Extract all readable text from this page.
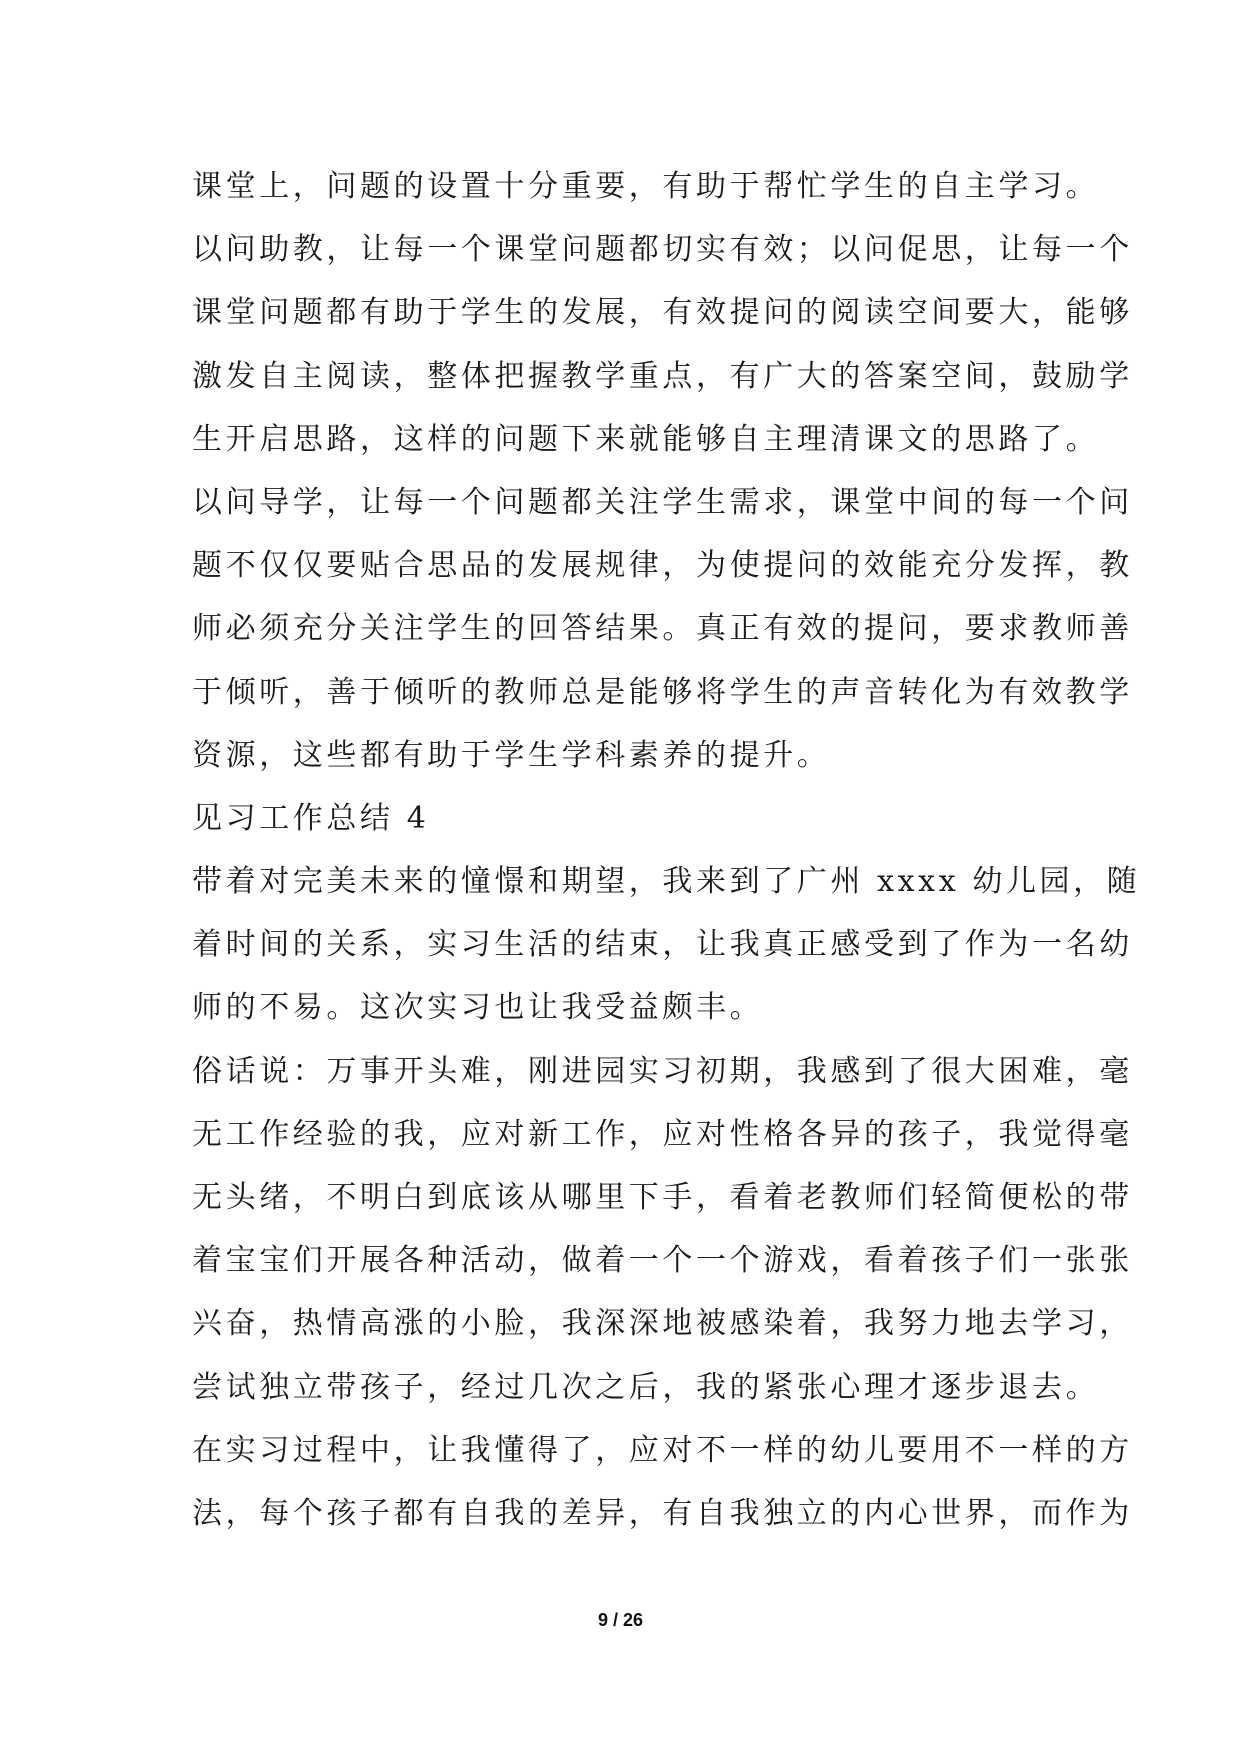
课堂上，问题的设置十分重要，有助于帮忙学生的自主学习。
以问助教，让每一个课堂问题都切实有效；以问促思，让每一个
课堂问题都有助于学生的发展，有效提问的阅读空间要大，能够
激发自主阅读，整体把握教学重点，有广大的答案空间，鼓励学
生开启思路，这样的问题下来就能够自主理清课文的思路了。
以问导学，让每一个问题都关注学生需求，课堂中间的每一个问
题不仅仅要贴合思品的发展规律，为使提问的效能充分发挥，教
师必须充分关注学生的回答结果。真正有效的提问，要求教师善
于倾听，善于倾听的教师总是能够将学生的声音转化为有效教学
资源，这些都有助于学生学科素养的提升。
见习工作总结 4
带着对完美未来的憧憬和期望，我来到了广州 xxxx 幼儿园，随
着时间的关系，实习生活的结束，让我真正感受到了作为一名幼
师的不易。这次实习也让我受益颇丰。
俗话说：万事开头难，刚进园实习初期，我感到了很大困难，毫
无工作经验的我，应对新工作，应对性格各异的孩子，我觉得毫
无头绪，不明白到底该从哪里下手，看着老教师们轻简便松的带
着宝宝们开展各种活动，做着一个一个游戏，看着孩子们一张张
兴奋，热情高涨的小脸，我深深地被感染着，我努力地去学习，
尝试独立带孩子，经过几次之后，我的紧张心理才逐步退去。
在实习过程中，让我懂得了，应对不一样的幼儿要用不一样的方
法，每个孩子都有自我的差异，有自我独立的内心世界，而作为
9 / 26
